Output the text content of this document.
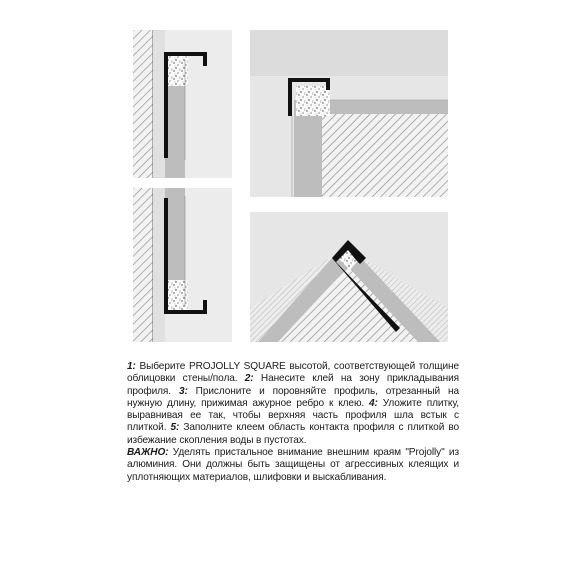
1: Выберите PROJOLLY SQUARE высотой, соответствующей толщине облицовки стены/пола. 2: Нанесите клей на зону прикладывания профиля. 3: Прислоните и поровняйте профиль, отрезанный на нужную длину, прижимая ажурное ребро к клею. 4: Уложите плитку, выравнивая ее так, чтобы верхняя часть профиля шла встык с плиткой. 5: Заполните клеем область контакта профиля с плиткой во избежание скопления воды в пустотах.

ВАЖНО: Уделять пристальное внимание внешним краям "Projolly" из алюминия. Они должны быть защищены от агрессивных клеящих и уплотняющих материалов, шлифовки и выскабливания.
